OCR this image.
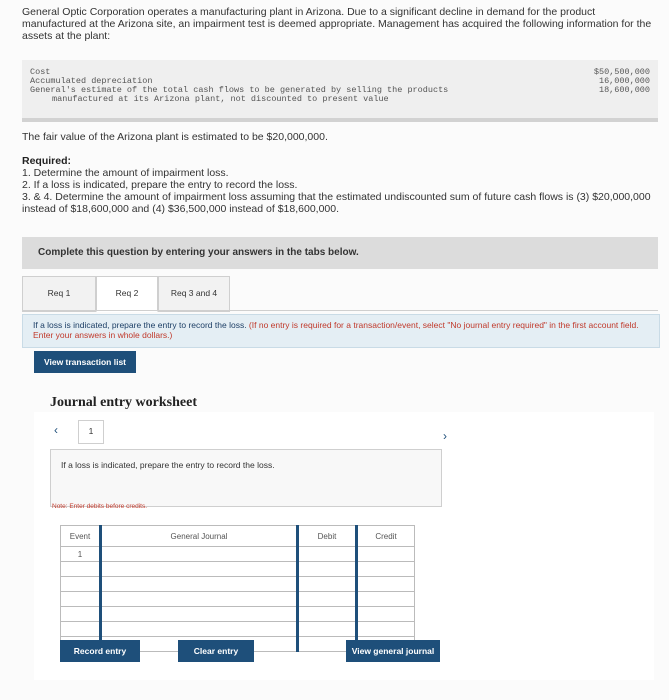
General Optic Corporation operates a manufacturing plant in Arizona. Due to a significant decline in demand for the product manufactured at the Arizona site, an impairment test is deemed appropriate. Management has acquired the following information for the assets at the plant:
Cost	$50,500,000
Accumulated depreciation	16,000,000
General's estimate of the total cash flows to be generated by selling the products	18,600,000
manufactured at its Arizona plant, not discounted to present value
The fair value of the Arizona plant is estimated to be $20,000,000.
Required:
1. Determine the amount of impairment loss.
2. If a loss is indicated, prepare the entry to record the loss.
3. & 4. Determine the amount of impairment loss assuming that the estimated undiscounted sum of future cash flows is (3) $20,000,000 instead of $18,600,000 and (4) $36,500,000 instead of $18,600,000.
Complete this question by entering your answers in the tabs below.
Req 1	Req 2	Req 3 and 4
If a loss is indicated, prepare the entry to record the loss. (If no entry is required for a transaction/event, select "No journal entry required" in the first account field. Enter your answers in whole dollars.)
View transaction list
Journal entry worksheet
‹	1	›
If a loss is indicated, prepare the entry to record the loss.
Note: Enter debits before credits.
Event	General Journal	Debit	Credit
1			

Record entry	Clear entry	View general journal
